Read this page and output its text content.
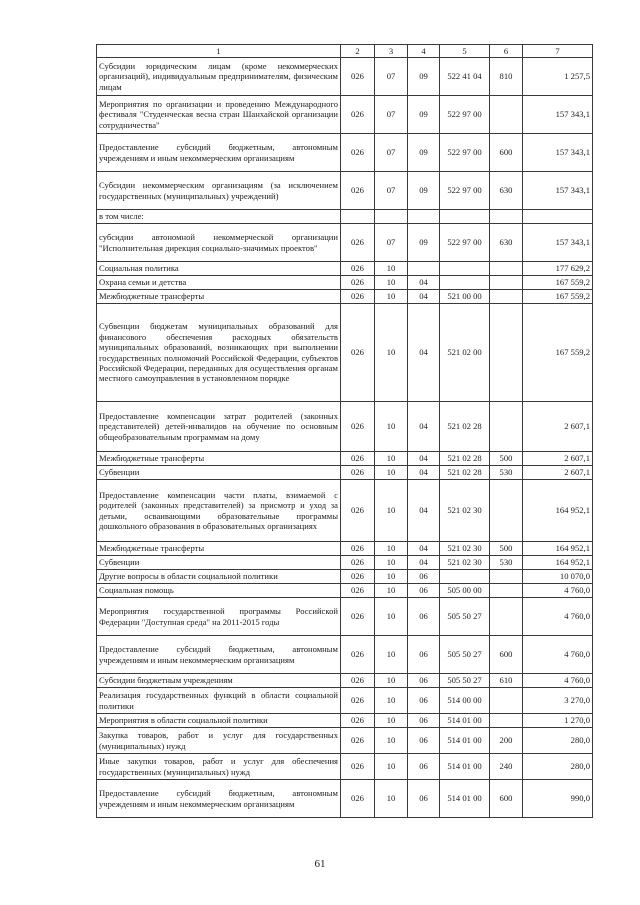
1	2	3	4	5	6	7
Субсидии юридическим лицам (кроме некоммерческих организаций), индивидуальным предпринимателям, физическим лицам	026	07	09	522 41 04	810	1 257,5
Мероприятия по организации и проведению Международного фестиваля "Студенческая весна стран Шанхайской организации сотрудничества"	026	07	09	522 97 00		157 343,1
Предоставление субсидий бюджетным, автономным учреждениям и иным некоммерческим организациям	026	07	09	522 97 00	600	157 343,1
Субсидии некоммерческим организациям (за исключением государственных (муниципальных) учреждений)	026	07	09	522 97 00	630	157 343,1
в том числе:						
субсидии автономной некоммерческой организации "Исполнительная дирекция социально-значимых проектов"	026	07	09	522 97 00	630	157 343,1
Социальная политика	026	10				177 629,2
Охрана семьи и детства	026	10	04			167 559,2
Межбюджетные трансферты	026	10	04	521 00 00		167 559,2
Субвенции бюджетам муниципальных образований для финансового обеспечения расходных обязательств муниципальных образований, возникающих при выполнении государственных полномочий Российской Федерации, субъектов Российской Федерации, переданных для осуществления органам местного самоуправления в установленном порядке	026	10	04	521 02 00		167 559,2
Предоставление компенсации затрат родителей (законных представителей) детей-инвалидов на обучение по основным общеобразовательным программам на дому	026	10	04	521 02 28		2 607,1
Межбюджетные трансферты	026	10	04	521 02 28	500	2 607,1
Субвенции	026	10	04	521 02 28	530	2 607,1
Предоставление компенсации части платы, взимаемой с родителей (законных представителей) за присмотр и уход за детьми, осваивающими образовательные программы дошкольного образования в образовательных организациях	026	10	04	521 02 30		164 952,1
Межбюджетные трансферты	026	10	04	521 02 30	500	164 952,1
Субвенции	026	10	04	521 02 30	530	164 952,1
Другие вопросы в области социальной политики	026	10	06			10 070,0
Социальная помощь	026	10	06	505 00 00		4 760,0
Мероприятия государственной программы Российской Федерации "Доступная среда" на 2011-2015 годы	026	10	06	505 50 27		4 760,0
Предоставление субсидий бюджетным, автономным учреждениям и иным некоммерческим организациям	026	10	06	505 50 27	600	4 760,0
Субсидии бюджетным учреждениям	026	10	06	505 50 27	610	4 760,0
Реализация государственных функций в области социальной политики	026	10	06	514 00 00		3 270,0
Мероприятия в области социальной политики	026	10	06	514 01 00		1 270,0
Закупка товаров, работ и услуг для государственных (муниципальных) нужд	026	10	06	514 01 00	200	280,0
Иные закупки товаров, работ и услуг для обеспечения государственных (муниципальных) нужд	026	10	06	514 01 00	240	280,0
Предоставление субсидий бюджетным, автономным учреждениям и иным некоммерческим организациям	026	10	06	514 01 00	600	990,0
61
